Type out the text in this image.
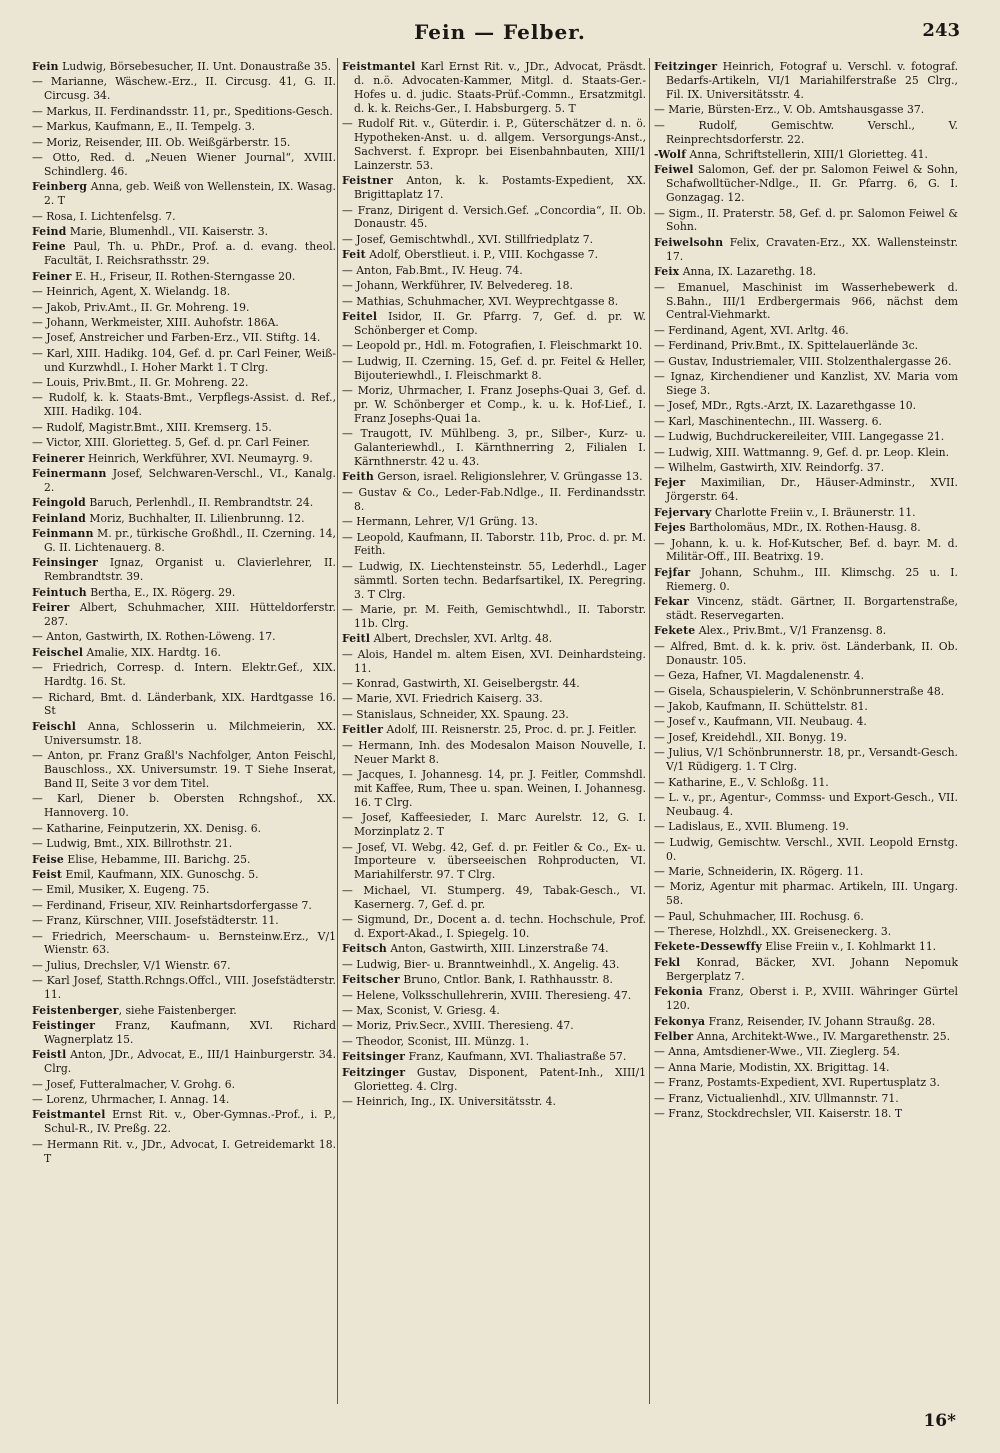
Fein — Felber.	243

Fein Ludwig, Börsebesucher, II. Unt. Donaustraße 35.

— Marianne, Wäschew.-Erz., II. Circusg. 41, G. II. Circusg. 34.

— Markus, II. Ferdinandsstr. 11, pr., Speditions-Gesch.

— Markus, Kaufmann, E., II. Tempelg. 3.

— Moriz, Reisender, III. Ob. Weißgärberstr. 15.

— Otto, Red. d. „Neuen Wiener Journal“, XVIII. Schindlerg. 46.

Feinberg Anna, geb. Weiß von Wellenstein, IX. Wasag. 2. T

— Rosa, I. Lichtenfelsg. 7.

Feind Marie, Blumenhdl., VII. Kaiserstr. 3.

Feine Paul, Th. u. PhDr., Prof. a. d. evang. theol. Facultät, I. Reichsrathsstr. 29.

Feiner E. H., Friseur, II. Rothen-Sterngasse 20.

— Heinrich, Agent, X. Wielandg. 18.

— Jakob, Priv.Amt., II. Gr. Mohreng. 19.

— Johann, Werkmeister, XIII. Auhofstr. 186A.

— Josef, Anstreicher und Farben-Erz., VII. Stiftg. 14.

— Karl, XIII. Hadikg. 104, Gef. d. pr. Carl Feiner, Weiß- und Kurzwhdl., I. Hoher Markt 1. T Clrg.

— Louis, Priv.Bmt., II. Gr. Mohreng. 22.

— Rudolf, k. k. Staats-Bmt., Verpflegs-Assist. d. Ref., XIII. Hadikg. 104.

— Rudolf, Magistr.Bmt., XIII. Kremserg. 15.

— Victor, XIII. Glorietteg. 5, Gef. d. pr. Carl Feiner.

Feinerer Heinrich, Werkführer, XVI. Neumayrg. 9.

Feinermann Josef, Selchwaren-Verschl., VI., Kanalg. 2.

Feingold Baruch, Perlenhdl., II. Rembrandtstr. 24.

Feinland Moriz, Buchhalter, II. Lilienbrunng. 12.

Feinmann M. pr., türkische Großhdl., II. Czerning. 14, G. II. Lichtenauerg. 8.

Feinsinger Ignaz, Organist u. Clavierlehrer, II. Rembrandtstr. 39.

Feintuch Bertha, E., IX. Rögerg. 29.

Feirer Albert, Schuhmacher, XIII. Hütteldorferstr. 287.

— Anton, Gastwirth, IX. Rothen-Löweng. 17.

Feischel Amalie, XIX. Hardtg. 16.

— Friedrich, Corresp. d. Intern. Elektr.Gef., XIX. Hardtg. 16. St.

— Richard, Bmt. d. Länderbank, XIX. Hardtgasse 16. St

Feischl Anna, Schlosserin u. Milchmeierin, XX. Universumstr. 18.

— Anton, pr. Franz Graßl's Nachfolger, Anton Feischl, Bauschloss., XX. Universumstr. 19. T Siehe Inserat, Band II, Seite 3 vor dem Titel.

— Karl, Diener b. Obersten Rchngshof., XX. Hannoverg. 10.

— Katharine, Feinputzerin, XX. Denisg. 6.

— Ludwig, Bmt., XIX. Billrothstr. 21.

Feise Elise, Hebamme, III. Barichg. 25.

Feist Emil, Kaufmann, XIX. Gunoschg. 5.

— Emil, Musiker, X. Eugeng. 75.

— Ferdinand, Friseur, XIV. Reinhartsdorfergasse 7.

— Franz, Kürschner, VIII. Josefstädterstr. 11.

— Friedrich, Meerschaum- u. Bernsteinw.Erz., V/1 Wienstr. 63.

— Julius, Drechsler, V/1 Wienstr. 67.

— Karl Josef, Statth.Rchngs.Offcl., VIII. Josefstädterstr. 11.

Feistenberger, siehe Faistenberger.

Feistinger Franz, Kaufmann, XVI. Richard Wagnerplatz 15.

Feistl Anton, JDr., Advocat, E., III/1 Hainburgerstr. 34. Clrg.

— Josef, Futteralmacher, V. Grohg. 6.

— Lorenz, Uhrmacher, I. Annag. 14.

Feistmantel Ernst Rit. v., Ober-Gymnas.-Prof., i. P., Schul-R., IV. Preßg. 22.

— Hermann Rit. v., JDr., Advocat, I. Getreidemarkt 18. T

Feistmantel Karl Ernst Rit. v., JDr., Advocat, Präsdt. d. n.ö. Advocaten-Kammer, Mitgl. d. Staats-Ger.-Hofes u. d. judic. Staats-Prüf.-Commn., Ersatzmitgl. d. k. k. Reichs-Ger., I. Habsburgerg. 5. T

— Rudolf Rit. v., Güterdir. i. P., Güterschätzer d. n. ö. Hypotheken-Anst. u. d. allgem. Versorgungs-Anst., Sachverst. f. Expropr. bei Eisenbahnbauten, XIII/1 Lainzerstr. 53.

Feistner Anton, k. k. Postamts-Expedient, XX. Brigittaplatz 17.

— Franz, Dirigent d. Versich.Gef. „Concordia“, II. Ob. Donaustr. 45.

— Josef, Gemischtwhdl., XVI. Stillfriedplatz 7.

Feit Adolf, Oberstlieut. i. P., VIII. Kochgasse 7.

— Anton, Fab.Bmt., IV. Heug. 74.

— Johann, Werkführer, IV. Belvedereg. 18.

— Mathias, Schuhmacher, XVI. Weyprechtgasse 8.

Feitel Isidor, II. Gr. Pfarrg. 7, Gef. d. pr. W. Schönberger et Comp.

— Leopold pr., Hdl. m. Fotografien, I. Fleischmarkt 10.

— Ludwig, II. Czerning. 15, Gef. d. pr. Feitel & Heller, Bijouteriewhdl., I. Fleischmarkt 8.

— Moriz, Uhrmacher, I. Franz Josephs-Quai 3, Gef. d. pr. W. Schönberger et Comp., k. u. k. Hof-Lief., I. Franz Josephs-Quai 1a.

— Traugott, IV. Mühlbeng. 3, pr., Silber-, Kurz- u. Galanteriewhdl., I. Kärnthnerring 2, Filialen I. Kärnthnerstr. 42 u. 43.

Feith Gerson, israel. Religionslehrer, V. Grüngasse 13.

— Gustav & Co., Leder-Fab.Ndlge., II. Ferdinandsstr. 8.

— Hermann, Lehrer, V/1 Grüng. 13.

— Leopold, Kaufmann, II. Taborstr. 11b, Proc. d. pr. M. Feith.

— Ludwig, IX. Liechtensteinstr. 55, Lederhdl., Lager sämmtl. Sorten techn. Bedarfsartikel, IX. Peregring. 3. T Clrg.

— Marie, pr. M. Feith, Gemischtwhdl., II. Taborstr. 11b. Clrg.

Feitl Albert, Drechsler, XVI. Arltg. 48.

— Alois, Handel m. altem Eisen, XVI. Deinhardsteing. 11.

— Konrad, Gastwirth, XI. Geiselbergstr. 44.

— Marie, XVI. Friedrich Kaiserg. 33.

— Stanislaus, Schneider, XX. Spaung. 23.

Feitler Adolf, III. Reisnerstr. 25, Proc. d. pr. J. Feitler.

— Hermann, Inh. des Modesalon Maison Nouvelle, I. Neuer Markt 8.

— Jacques, I. Johannesg. 14, pr. J. Feitler, Commshdl. mit Kaffee, Rum, Thee u. span. Weinen, I. Johannesg. 16. T Clrg.

— Josef, Kaffeesieder, I. Marc Aurelstr. 12, G. I. Morzinplatz 2. T

— Josef, VI. Webg. 42, Gef. d. pr. Feitler & Co., Ex- u. Importeure v. überseeischen Rohproducten, VI. Mariahilferstr. 97. T Clrg.

— Michael, VI. Stumperg. 49, Tabak-Gesch., VI. Kasernerg. 7, Gef. d. pr.

— Sigmund, Dr., Docent a. d. techn. Hochschule, Prof. d. Export-Akad., I. Spiegelg. 10.

Feitsch Anton, Gastwirth, XIII. Linzerstraße 74.

— Ludwig, Bier- u. Branntweinhdl., X. Angelig. 43.

Feitscher Bruno, Cntlor. Bank, I. Rathhausstr. 8.

— Helene, Volksschullehrerin, XVIII. Theresieng. 47.

— Max, Sconist, V. Griesg. 4.

— Moriz, Priv.Secr., XVIII. Theresieng. 47.

— Theodor, Sconist, III. Münzg. 1.

Feitsinger Franz, Kaufmann, XVI. Thaliastraße 57.

Feitzinger Gustav, Disponent, Patent-Inh., XIII/1 Glorietteg. 4. Clrg.

— Heinrich, Ing., IX. Universitätsstr. 4.

Feitzinger Heinrich, Fotograf u. Verschl. v. fotograf. Bedarfs-Artikeln, VI/1 Mariahilferstraße 25 Clrg., Fil. IX. Universitätsstr. 4.

— Marie, Bürsten-Erz., V. Ob. Amtshausgasse 37.

— Rudolf, Gemischtw. Verschl., V. Reinprechtsdorferstr. 22.

-Wolf Anna, Schriftstellerin, XIII/1 Glorietteg. 41.

Feiwel Salomon, Gef. der pr. Salomon Feiwel & Sohn, Schafwolltücher-Ndlge., II. Gr. Pfarrg. 6, G. I. Gonzagag. 12.

— Sigm., II. Praterstr. 58, Gef. d. pr. Salomon Feiwel & Sohn.

Feiwelsohn Felix, Cravaten-Erz., XX. Wallensteinstr. 17.

Feix Anna, IX. Lazarethg. 18.

— Emanuel, Maschinist im Wasserhebewerk d. S.Bahn., III/1 Erdbergermais 966, nächst dem Central-Viehmarkt.

— Ferdinand, Agent, XVI. Arltg. 46.

— Ferdinand, Priv.Bmt., IX. Spittelauerlände 3c.

— Gustav, Industriemaler, VIII. Stolzenthalergasse 26.

— Ignaz, Kirchendiener und Kanzlist, XV. Maria vom Siege 3.

— Josef, MDr., Rgts.-Arzt, IX. Lazarethgasse 10.

— Karl, Maschinentechn., III. Wasserg. 6.

— Ludwig, Buchdruckereileiter, VIII. Langegasse 21.

— Ludwig, XIII. Wattmanng. 9, Gef. d. pr. Leop. Klein.

— Wilhelm, Gastwirth, XIV. Reindorfg. 37.

Fejer Maximilian, Dr., Häuser-Adminstr., XVII. Jörgerstr. 64.

Fejervary Charlotte Freiin v., I. Bräunerstr. 11.

Fejes Bartholomäus, MDr., IX. Rothen-Hausg. 8.

— Johann, k. u. k. Hof-Kutscher, Bef. d. bayr. M. d. Militär-Off., III. Beatrixg. 19.

Fejfar Johann, Schuhm., III. Klimschg. 25 u. I. Riemerg. 0.

Fekar Vincenz, städt. Gärtner, II. Borgartenstraße, städt. Reservegarten.

Fekete Alex., Priv.Bmt., V/1 Franzensg. 8.

— Alfred, Bmt. d. k. k. priv. öst. Länderbank, II. Ob. Donaustr. 105.

— Geza, Hafner, VI. Magdalenenstr. 4.

— Gisela, Schauspielerin, V. Schönbrunnerstraße 48.

— Jakob, Kaufmann, II. Schüttelstr. 81.

— Josef v., Kaufmann, VII. Neubaug. 4.

— Josef, Kreidehdl., XII. Bonyg. 19.

— Julius, V/1 Schönbrunnerstr. 18, pr., Versandt-Gesch. V/1 Rüdigerg. 1. T Clrg.

— Katharine, E., V. Schloßg. 11.

— L. v., pr., Agentur-, Commss- und Export-Gesch., VII. Neubaug. 4.

— Ladislaus, E., XVII. Blumeng. 19.

— Ludwig, Gemischtw. Verschl., XVII. Leopold Ernstg. 0.

— Marie, Schneiderin, IX. Rögerg. 11.

— Moriz, Agentur mit pharmac. Artikeln, III. Ungarg. 58.

— Paul, Schuhmacher, III. Rochusg. 6.

— Therese, Holzhdl., XX. Greiseneckerg. 3.

Fekete-Dessewffy Elise Freiin v., I. Kohlmarkt 11.

Fekl Konrad, Bäcker, XVI. Johann Nepomuk Bergerplatz 7.

Fekonia Franz, Oberst i. P., XVIII. Währinger Gürtel 120.

Fekonya Franz, Reisender, IV. Johann Straußg. 28.

Felber Anna, Architekt-Wwe., IV. Margarethenstr. 25.

— Anna, Amtsdiener-Wwe., VII. Zieglerg. 54.

— Anna Marie, Modistin, XX. Brigittag. 14.

— Franz, Postamts-Expedient, XVI. Rupertusplatz 3.

— Franz, Victualienhdl., XIV. Ullmannstr. 71.

— Franz, Stockdrechsler, VII. Kaiserstr. 18. T

16*
